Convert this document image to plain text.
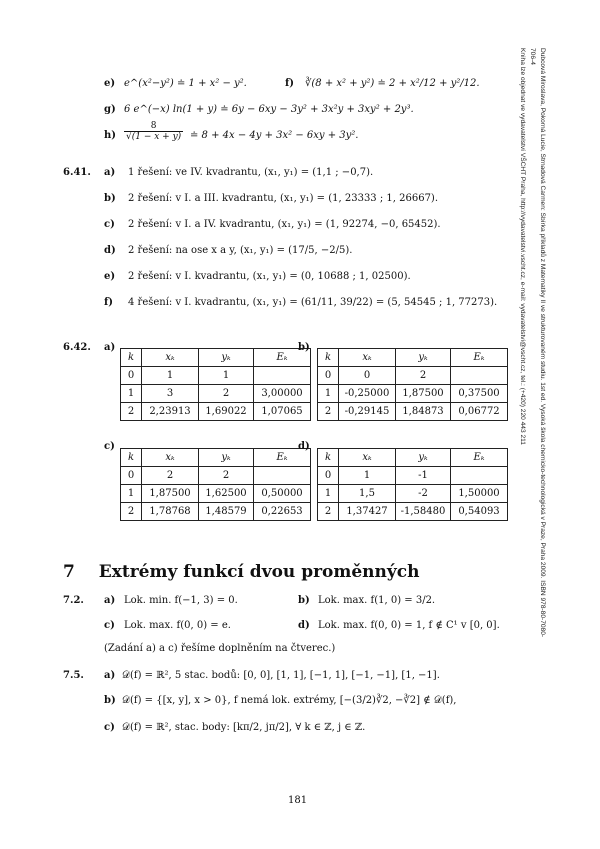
Dubcová Miroslava, Pokorná Lucie, Strnadová Carmen: Sbírka příkladů z Matematiky II ve strukturovaném studiu. 1st ed. Vysoká škola chemicko-technologická v Praze, Praha 2009. ISBN 978-80-7080-706-4
Kniha lze objednat ve vydavatelství VŠCHT Praha, http://vydavatelstvi.vscht.cz, e-mail: vydavatelstvi@vscht.cz, tel.: (+420) 220 443 211
e) e^(x²−y²) ≐ 1 + x² − y².	f) ∛(8 + x² + y²) ≐ 2 + x²/12 + y²/12.
g) 6 e^(−x) ln(1 + y) ≐ 6y − 6xy − 3y² + 3x²y + 3xy² + 2y³.
$h) \frac{8}{√(1 - x + y)}$ ≐ 8 + 4x − 4y + 3x² − 6xy + 3y².
6.41. a) 1 řešení: ve IV. kvadrantu, (x₁, y₁) = (1,1 ; −0,7).
b) 2 řešení: v I. a III. kvadrantu, (x₁, y₁) = (1, 23333 ; 1, 26667).
c) 2 řešení: v I. a IV. kvadrantu, (x₁, y₁) = (1, 92274, −0, 65452).
d) 2 řešení: na ose x a y, (x₁, y₁) = (17/5, −2/5).
e) 2 řešení: v I. kvadrantu, (x₁, y₁) = (0, 10688 ; 1, 02500).
f) 4 řešení: v I. kvadrantu, (x₁, y₁) = (61/11, 39/22) = (5, 54545 ; 1, 77273).
6.42. a)
k	xₖ	yₖ	Eₖ
0	1	1	
1	3	2	3,00000
2	2,23913	1,69022	1,07065
b)
k	xₖ	yₖ	Eₖ
0	0	2	
1	-0,25000	1,87500	0,37500
2	-0,29145	1,84873	0,06772
c)
k	xₖ	yₖ	Eₖ
0	2	2	
1	1,87500	1,62500	0,50000
2	1,78768	1,48579	0,22653
d)
k	xₖ	yₖ	Eₖ
0	1	-1	
1	1,5	-2	1,50000
2	1,37427	-1,58480	0,54093
7 Extrémy funkcí dvou proměnných
7.2. a) Lok. min. f(−1, 3) = 0.	b) Lok. max. f(1, 0) = 3/2.
c) Lok. max. f(0, 0) = e.	d) Lok. max. f(0, 0) = 1, f ∉ C¹ v [0, 0].
(Zadání a) a c) řešíme doplněním na čtverec.)
7.5. a) 𝒟(f) = ℝ², 5 stac. bodů: [0, 0], [1, 1], [−1, 1], [−1, −1], [1, −1].
b) 𝒟(f) = {[x, y], x > 0}, f nemá lok. extrémy, [−(3/2)∛2, −∛2] ∉ 𝒟(f),
c) 𝒟(f) = ℝ², stac. body: [kπ/2, jπ/2], ∀ k ∈ ℤ, j ∈ ℤ.
181
